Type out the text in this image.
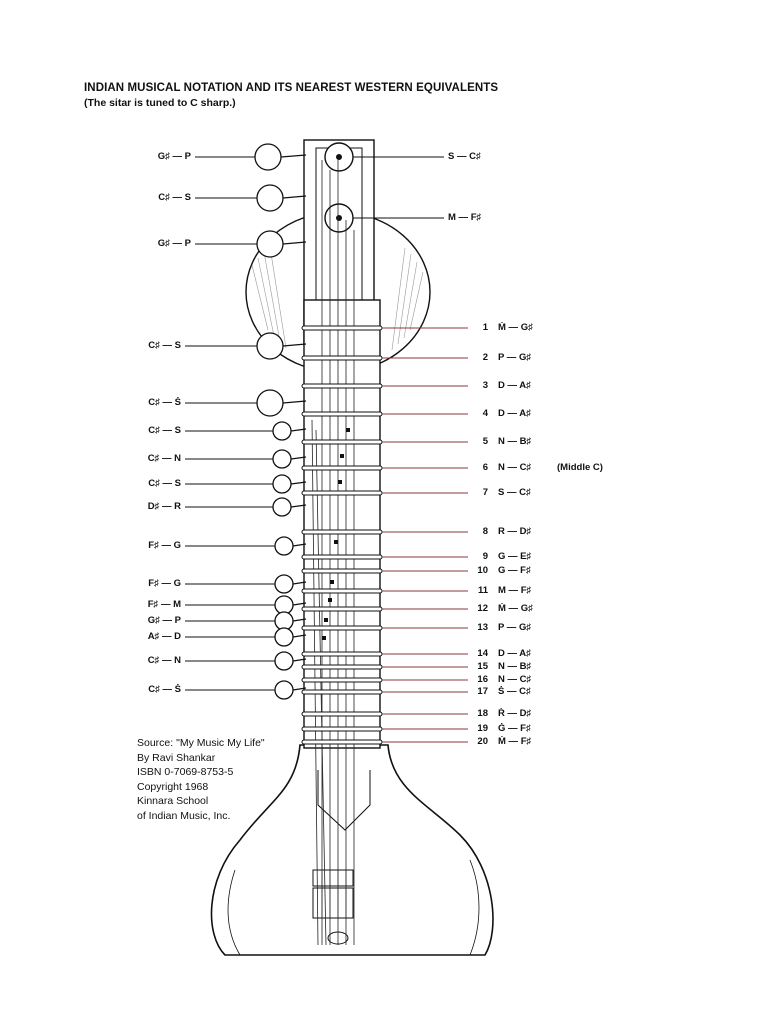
INDIAN MUSICAL NOTATION AND ITS NEAREST WESTERN EQUIVALENTS
(The sitar is tuned to C sharp.)
G♯ — P
C♯ — S
G♯ — P
C♯ — S
C♯ — Ṡ
C♯ — S
C♯ — N
C♯ — S
D♯ — R
F♯ — G
F♯ — G
F♯ — M
G♯ — P
A♯ — D
C♯ — N
C♯ — Ṡ
S — C♯
M — F♯
1 Ṁ — G♯
2 P — G♯
3 D — A♯
4 D — A♯
5 N — B♯
6 N — C♯	(Middle C)
7 S — C♯
8 R — D♯
9 G — E♯
10 G — F♯
11 M — F♯
12 Ṁ — G♯
13 P — G♯
14 D — A♯
15 N — B♯
16 N — C♯
17 Ṡ — C♯
18 Ṙ — D♯
19 Ġ — F♯
20 Ṁ — F♯
Source: "My Music My Life"
By Ravi Shankar
ISBN 0-7069-8753-5
Copyright 1968
Kinnara School
of Indian Music, Inc.
